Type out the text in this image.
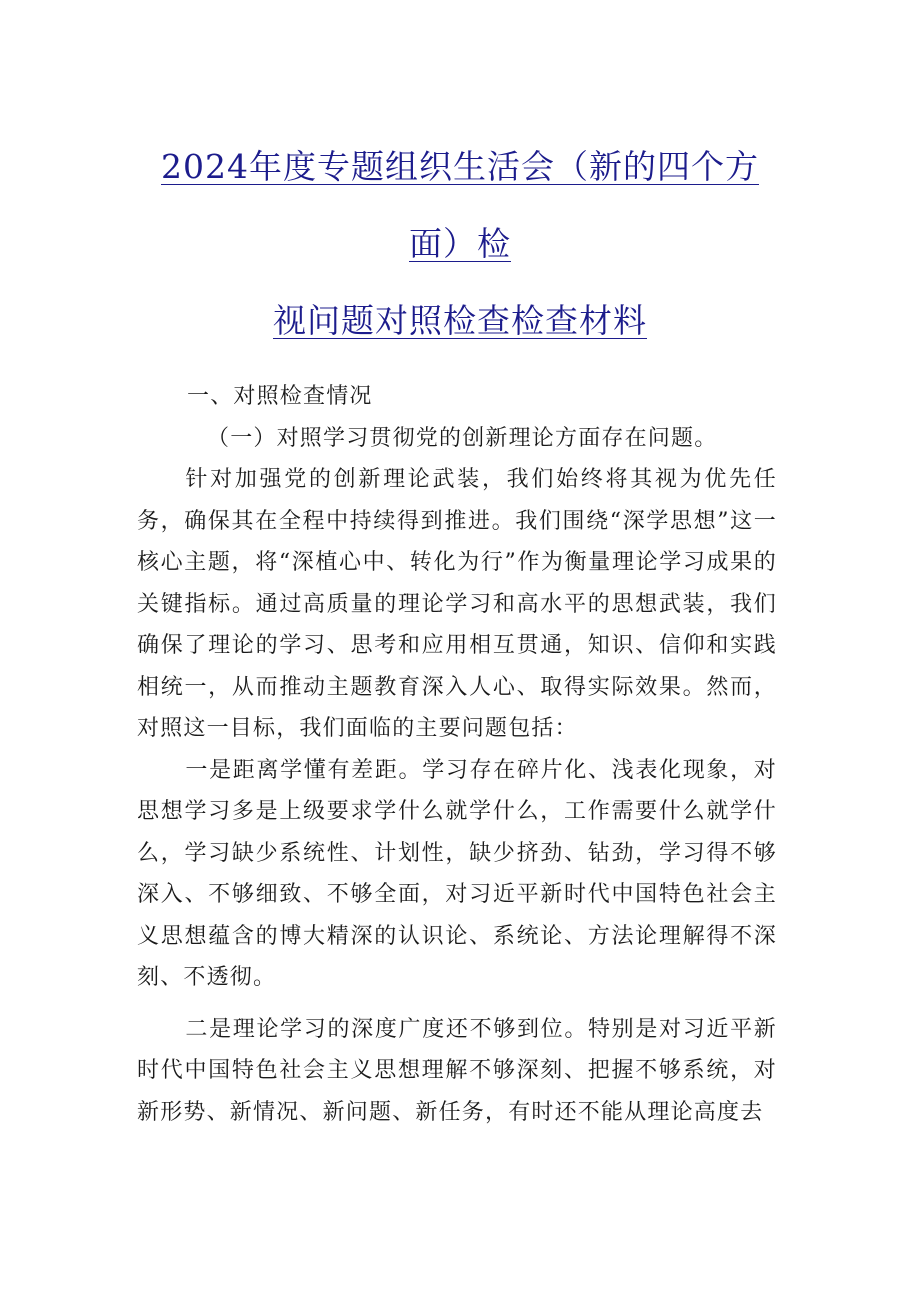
2024年度专题组织生活会（新的四个方
面）检
视问题对照检查检查材料

一、对照检查情况

（一）对照学习贯彻党的创新理论方面存在问题。

针对加强党的创新理论武装，我们始终将其视为优先任务，确保其在全程中持续得到推进。我们围绕“深学思想”这一核心主题，将“深植心中、转化为行”作为衡量理论学习成果的关键指标。通过高质量的理论学习和高水平的思想武装，我们确保了理论的学习、思考和应用相互贯通，知识、信仰和实践相统一，从而推动主题教育深入人心、取得实际效果。然而，对照这一目标，我们面临的主要问题包括：

一是距离学懂有差距。学习存在碎片化、浅表化现象，对思想学习多是上级要求学什么就学什么，工作需要什么就学什么，学习缺少系统性、计划性，缺少挤劲、钻劲，学习得不够深入、不够细致、不够全面，对习近平新时代中国特色社会主义思想蕴含的博大精深的认识论、系统论、方法论理解得不深刻、不透彻。

二是理论学习的深度广度还不够到位。特别是对习近平新时代中国特色社会主义思想理解不够深刻、把握不够系统，对新形势、新情况、新问题、新任务，有时还不能从理论高度去
